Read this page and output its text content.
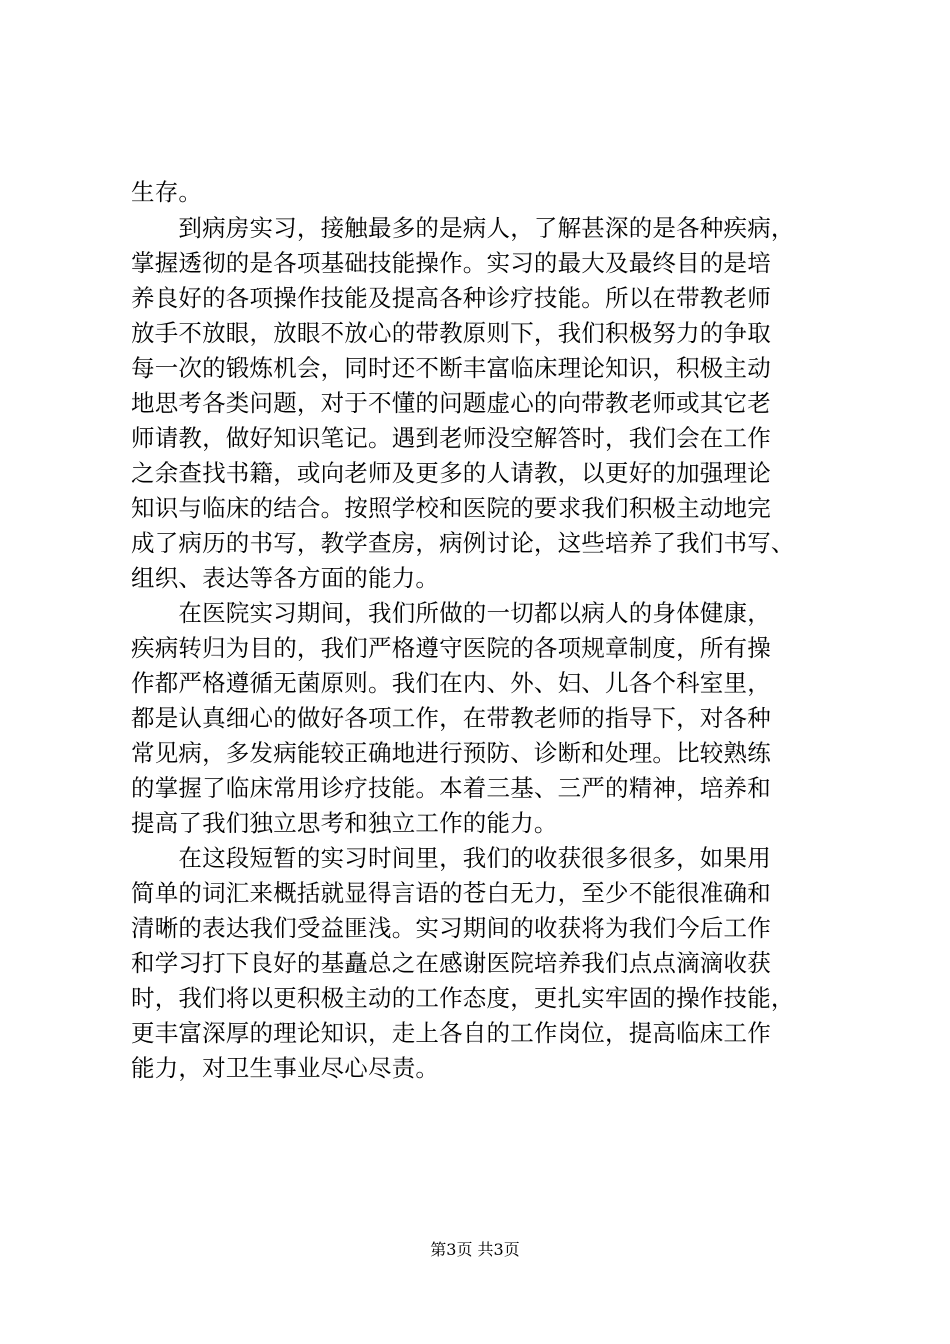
生存。
　　到病房实习，接触最多的是病人，了解甚深的是各种疾病，
掌握透彻的是各项基础技能操作。实习的最大及最终目的是培
养良好的各项操作技能及提高各种诊疗技能。所以在带教老师
放手不放眼，放眼不放心的带教原则下，我们积极努力的争取
每一次的锻炼机会，同时还不断丰富临床理论知识，积极主动
地思考各类问题，对于不懂的问题虚心的向带教老师或其它老
师请教，做好知识笔记。遇到老师没空解答时，我们会在工作
之余查找书籍，或向老师及更多的人请教，以更好的加强理论
知识与临床的结合。按照学校和医院的要求我们积极主动地完
成了病历的书写，教学查房，病例讨论，这些培养了我们书写、
组织、表达等各方面的能力。
　　在医院实习期间，我们所做的一切都以病人的身体健康，
疾病转归为目的，我们严格遵守医院的各项规章制度，所有操
作都严格遵循无菌原则。我们在内、外、妇、儿各个科室里，
都是认真细心的做好各项工作，在带教老师的指导下，对各种
常见病，多发病能较正确地进行预防、诊断和处理。比较熟练
的掌握了临床常用诊疗技能。本着三基、三严的精神，培养和
提高了我们独立思考和独立工作的能力。
　　在这段短暂的实习时间里，我们的收获很多很多，如果用
简单的词汇来概括就显得言语的苍白无力，至少不能很准确和
清晰的表达我们受益匪浅。实习期间的收获将为我们今后工作
和学习打下良好的基矗总之在感谢医院培养我们点点滴滴收获
时，我们将以更积极主动的工作态度，更扎实牢固的操作技能，
更丰富深厚的理论知识，走上各自的工作岗位，提高临床工作
能力，对卫生事业尽心尽责。
第3页 共3页
